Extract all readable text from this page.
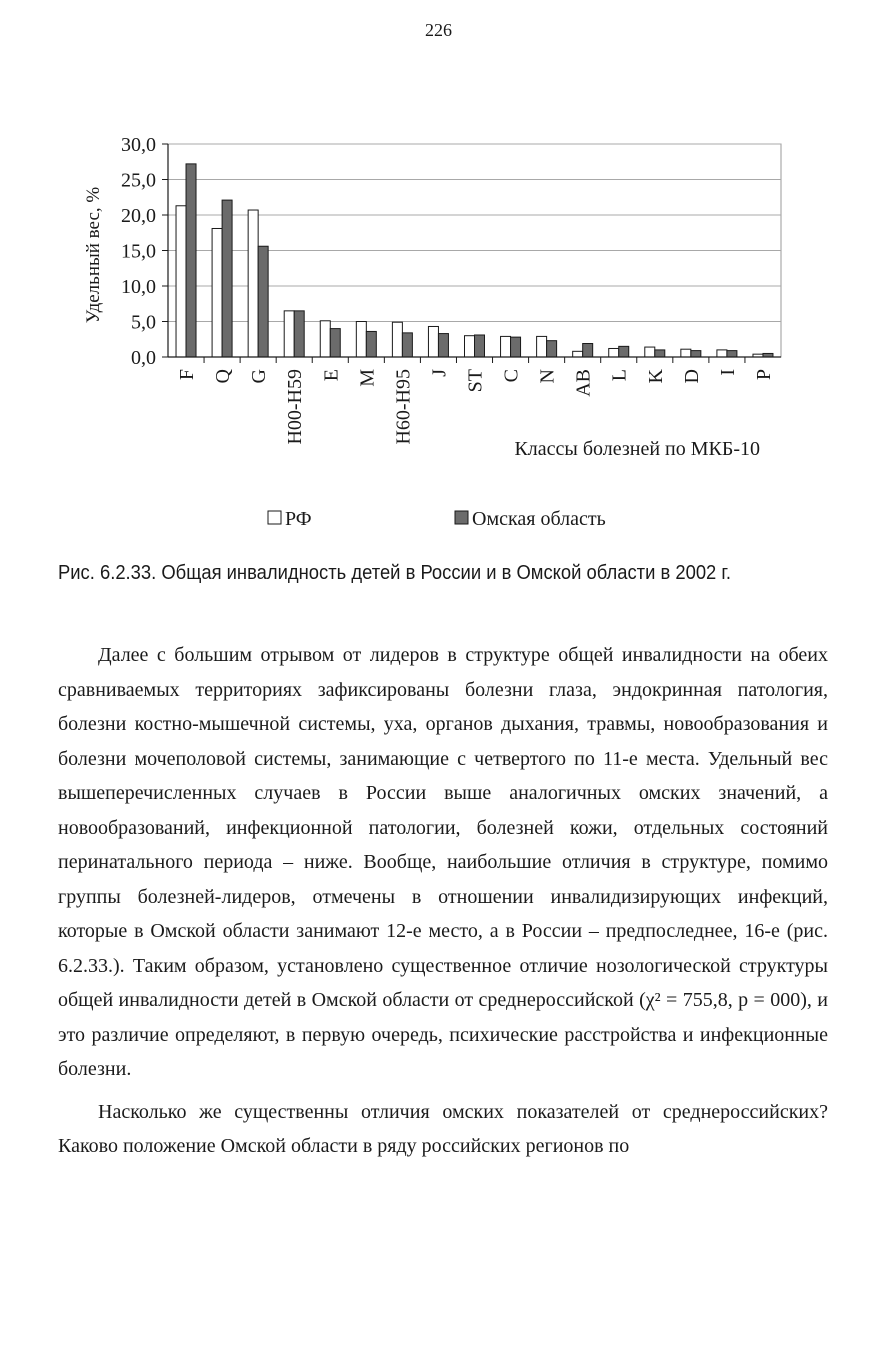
226
0,0
5,0
10,0
15,0
20,0
25,0
30,0
F Q G H00-H59 E M H60-H95 J ST C N AB L K D I P
Удельный вес, %
Классы болезней по МКБ-10
РФ	Омская область
Рис. 6.2.33. Общая инвалидность детей в России и в Омской области в 2002 г.

Далее с большим отрывом от лидеров в структуре общей инвалидности на обеих сравниваемых территориях зафиксированы болезни глаза, эндокринная патология, болезни костно-мышечной системы, уха, органов дыхания, травмы, новообразования и болезни мочеполовой системы, занимающие с четвертого по 11-е места. Удельный вес вышеперечисленных случаев в России выше аналогичных омских значений, а новообразований, инфекционной патологии, болезней кожи, отдельных состояний перинатального периода – ниже. Вообще, наибольшие отличия в структуре, помимо группы болезней-лидеров, отмечены в отношении инвалидизирующих инфекций, которые в Омской области занимают 12-е место, а в России – предпоследнее, 16-е (рис. 6.2.33.). Таким образом, установлено существенное отличие нозологической структуры общей инвалидности детей в Омской области от среднероссийской (χ² = 755,8, р = 000), и это различие определяют, в первую очередь, психические расстройства и инфекционные болезни.

Насколько же существенны отличия омских показателей от среднероссийских? Каково положение Омской области в ряду российских регионов по
